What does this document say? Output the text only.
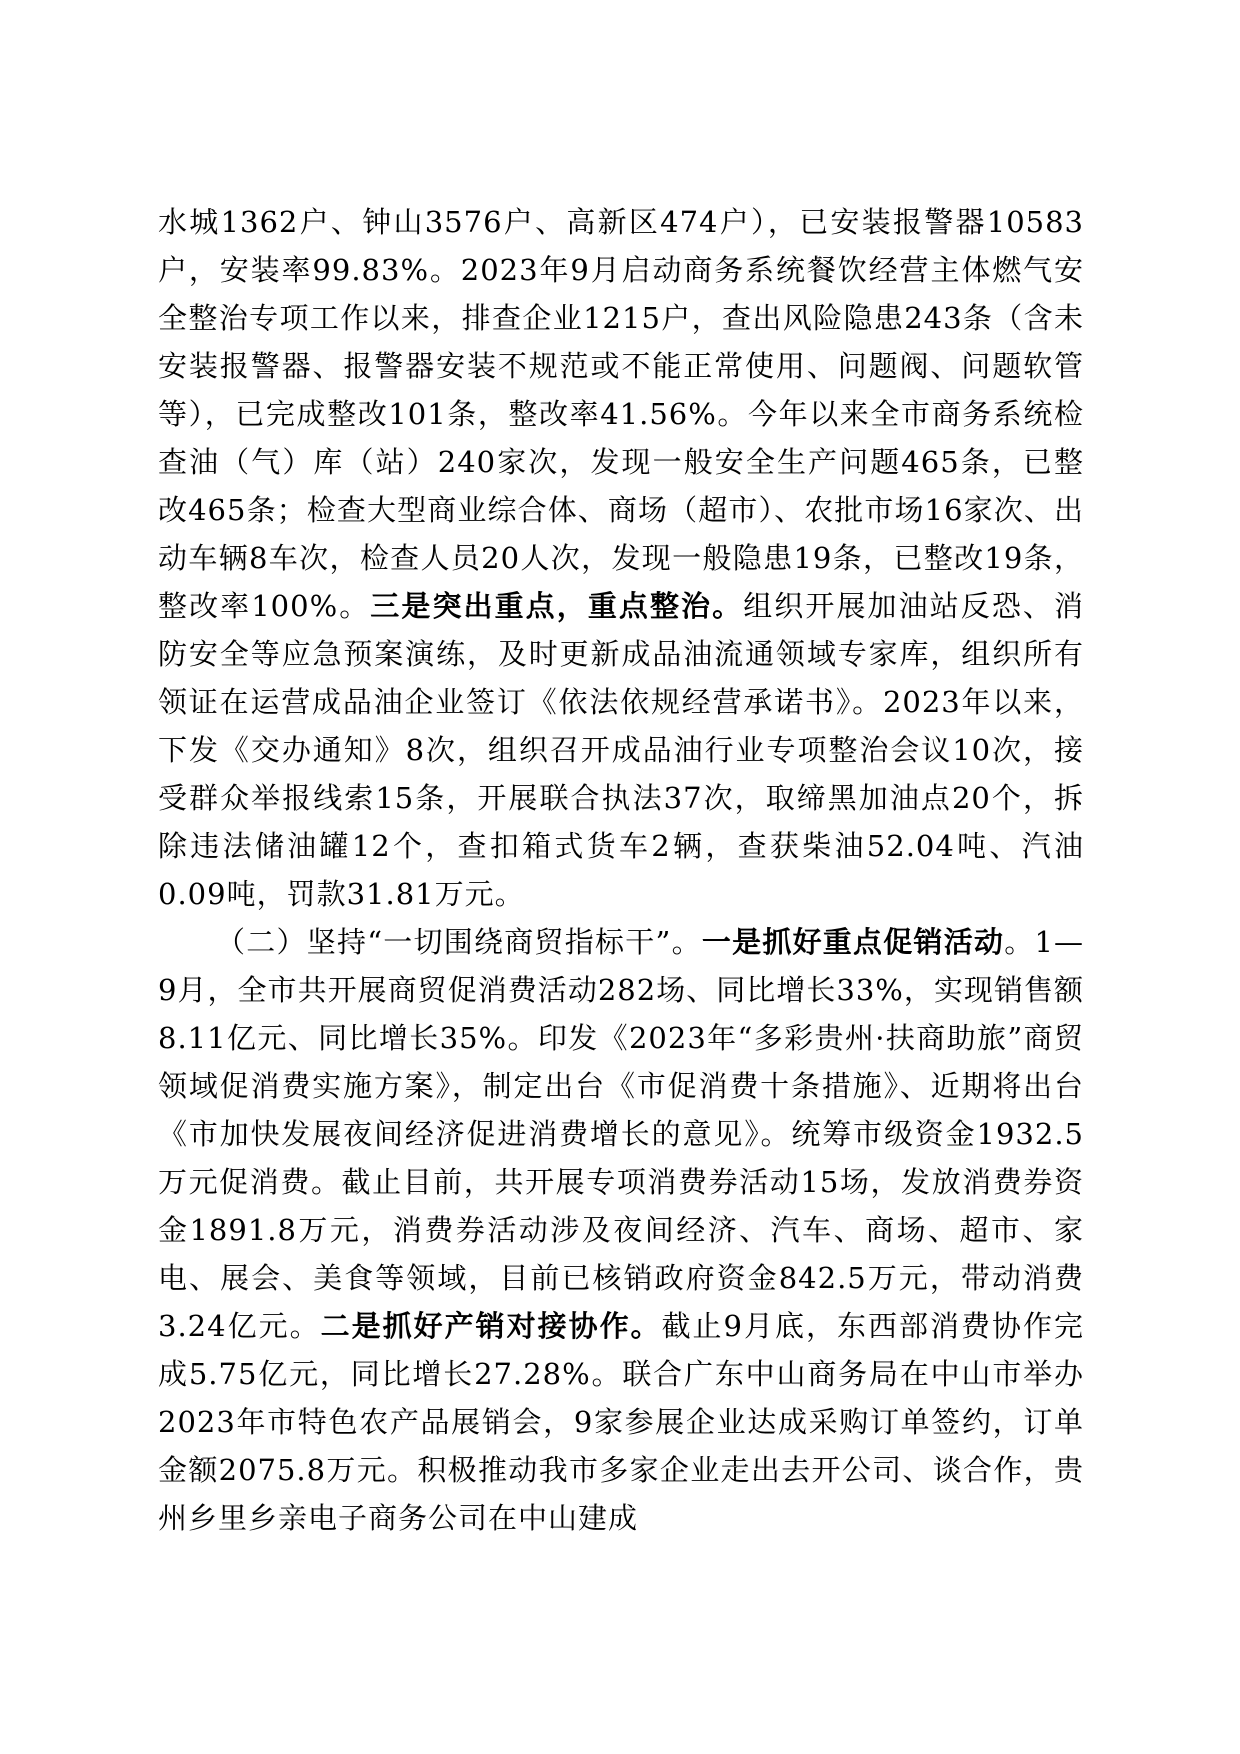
水城1362户、钟山3576户、高新区474户），已安装报警器10583户，安装率99.83%。2023年9月启动商务系统餐饮经营主体燃气安全整治专项工作以来，排查企业1215户，查出风险隐患243条（含未安装报警器、报警器安装不规范或不能正常使用、问题阀、问题软管等），已完成整改101条，整改率41.56%。今年以来全市商务系统检查油（气）库（站）240家次，发现一般安全生产问题465条，已整改465条；检查大型商业综合体、商场（超市）、农批市场16家次、出动车辆8车次，检查人员20人次，发现一般隐患19条，已整改19条，整改率100%。三是突出重点，重点整治。组织开展加油站反恐、消防安全等应急预案演练，及时更新成品油流通领域专家库，组织所有领证在运营成品油企业签订《依法依规经营承诺书》。2023年以来，下发《交办通知》8次，组织召开成品油行业专项整治会议10次，接受群众举报线索15条，开展联合执法37次，取缔黑加油点20个，拆除违法储油罐12个，查扣箱式货车2辆，查获柴油52.04吨、汽油0.09吨，罚款31.81万元。

（二）坚持“一切围绕商贸指标干”。一是抓好重点促销活动。1—9月，全市共开展商贸促消费活动282场、同比增长33%，实现销售额8.11亿元、同比增长35%。印发《2023年“多彩贵州·扶商助旅”商贸领域促消费实施方案》，制定出台《市促消费十条措施》、近期将出台《市加快发展夜间经济促进消费增长的意见》。统筹市级资金1932.5万元促消费。截止目前，共开展专项消费券活动15场，发放消费券资金1891.8万元，消费券活动涉及夜间经济、汽车、商场、超市、家电、展会、美食等领域，目前已核销政府资金842.5万元，带动消费3.24亿元。二是抓好产销对接协作。截止9月底，东西部消费协作完成5.75亿元，同比增长27.28%。联合广东中山商务局在中山市举办2023年市特色农产品展销会，9家参展企业达成采购订单签约，订单金额2075.8万元。积极推动我市多家企业走出去开公司、谈合作，贵州乡里乡亲电子商务公司在中山建成
